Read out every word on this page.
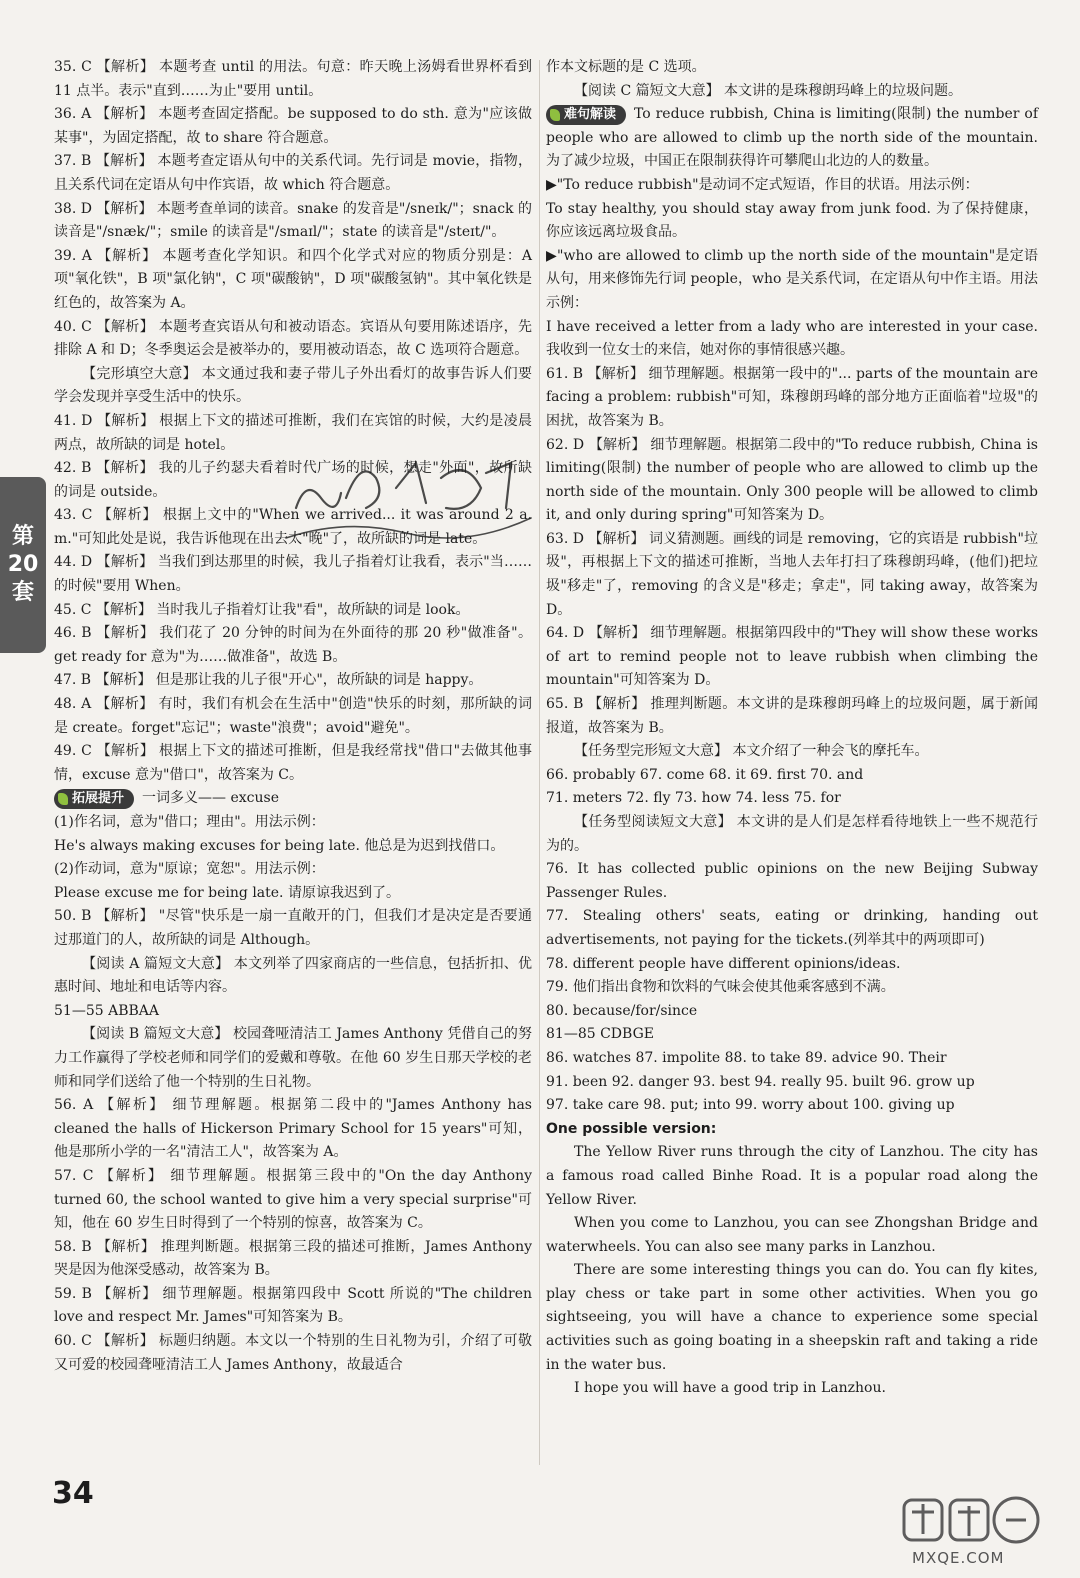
第
20
套
35. C 【解析】 本题考查 until 的用法。句意：昨天晚上汤姆看世界杯看到 11 点半。表示"直到……为止"要用 until。
36. A 【解析】 本题考查固定搭配。be supposed to do sth. 意为"应该做某事"，为固定搭配，故 to share 符合题意。
37. B 【解析】 本题考查定语从句中的关系代词。先行词是 movie，指物，且关系代词在定语从句中作宾语，故 which 符合题意。
38. D 【解析】 本题考查单词的读音。snake 的发音是"/sneɪk/"；snack 的读音是"/snæk/"；smile 的读音是"/smaɪl/"；state 的读音是"/steɪt/"。
39. A 【解析】 本题考查化学知识。和四个化学式对应的物质分别是：A 项"氧化铁"，B 项"氯化钠"，C 项"碳酸钠"，D 项"碳酸氢钠"。其中氧化铁是红色的，故答案为 A。
40. C 【解析】 本题考查宾语从句和被动语态。宾语从句要用陈述语序，先排除 A 和 D；冬季奥运会是被举办的，要用被动语态，故 C 选项符合题意。
【完形填空大意】 本文通过我和妻子带儿子外出看灯的故事告诉人们要学会发现并享受生活中的快乐。
41. D 【解析】 根据上下文的描述可推断，我们在宾馆的时候，大约是凌晨两点，故所缺的词是 hotel。
42. B 【解析】 我的儿子约瑟夫看着时代广场的时候，想走"外面"，故所缺的词是 outside。
43. C 【解析】 根据上文中的"When we arrived... it was around 2 a. m."可知此处是说，我告诉他现在出去太"晚"了，故所缺的词是 late。
44. D 【解析】 当我们到达那里的时候，我儿子指着灯让我看，表示"当……的时候"要用 When。
45. C 【解析】 当时我儿子指着灯让我"看"，故所缺的词是 look。
46. B 【解析】 我们花了 20 分钟的时间为在外面待的那 20 秒"做准备"。get ready for 意为"为……做准备"，故选 B。
47. B 【解析】 但是那让我的儿子很"开心"，故所缺的词是 happy。
48. A 【解析】 有时，我们有机会在生活中"创造"快乐的时刻，那所缺的词是 create。forget"忘记"；waste"浪费"；avoid"避免"。
49. C 【解析】 根据上下文的描述可推断，但是我经常找"借口"去做其他事情，excuse 意为"借口"，故答案为 C。
拓展提升 一词多义—— excuse
(1)作名词，意为"借口；理由"。用法示例：
He's always making excuses for being late. 他总是为迟到找借口。
(2)作动词，意为"原谅；宽恕"。用法示例：
Please excuse me for being late. 请原谅我迟到了。
50. B 【解析】 "尽管"快乐是一扇一直敞开的门，但我们才是决定是否要通过那道门的人，故所缺的词是 Although。
【阅读 A 篇短文大意】 本文列举了四家商店的一些信息，包括折扣、优惠时间、地址和电话等内容。
51—55 ABBAA
【阅读 B 篇短文大意】 校园聋哑清洁工 James Anthony 凭借自己的努力工作赢得了学校老师和同学们的爱戴和尊敬。在他 60 岁生日那天学校的老师和同学们送给了他一个特别的生日礼物。
56. A 【解析】 细节理解题。根据第二段中的"James Anthony has cleaned the halls of Hickerson Primary School for 15 years"可知，他是那所小学的一名"清洁工人"，故答案为 A。
57. C 【解析】 细节理解题。根据第三段中的"On the day Anthony turned 60, the school wanted to give him a very special surprise"可知，他在 60 岁生日时得到了一个特别的惊喜，故答案为 C。
58. B 【解析】 推理判断题。根据第三段的描述可推断，James Anthony 哭是因为他深受感动，故答案为 B。
59. B 【解析】 细节理解题。根据第四段中 Scott 所说的"The children love and respect Mr. James"可知答案为 B。
60. C 【解析】 标题归纳题。本文以一个特别的生日礼物为引，介绍了可敬又可爱的校园聋哑清洁工人 James Anthony，故最适合
作本文标题的是 C 选项。
【阅读 C 篇短文大意】 本文讲的是珠穆朗玛峰上的垃圾问题。
难句解读 To reduce rubbish, China is limiting(限制) the number of people who are allowed to climb up the north side of the mountain. 为了减少垃圾，中国正在限制获得许可攀爬山北边的人的数量。
▶"To reduce rubbish"是动词不定式短语，作目的状语。用法示例：
To stay healthy, you should stay away from junk food. 为了保持健康，你应该远离垃圾食品。
▶"who are allowed to climb up the north side of the mountain"是定语从句，用来修饰先行词 people，who 是关系代词，在定语从句中作主语。用法示例：
I have received a letter from a lady who are interested in your case. 我收到一位女士的来信，她对你的事情很感兴趣。
61. B 【解析】 细节理解题。根据第一段中的"... parts of the mountain are facing a problem: rubbish"可知，珠穆朗玛峰的部分地方正面临着"垃圾"的困扰，故答案为 B。
62. D 【解析】 细节理解题。根据第二段中的"To reduce rubbish, China is limiting(限制) the number of people who are allowed to climb up the north side of the mountain. Only 300 people will be allowed to climb it, and only during spring"可知答案为 D。
63. D 【解析】 词义猜测题。画线的词是 removing，它的宾语是 rubbish"垃圾"，再根据上下文的描述可推断，当地人去年打扫了珠穆朗玛峰，(他们)把垃圾"移走"了，removing 的含义是"移走；拿走"，同 taking away，故答案为 D。
64. D 【解析】 细节理解题。根据第四段中的"They will show these works of art to remind people not to leave rubbish when climbing the mountain"可知答案为 D。
65. B 【解析】 推理判断题。本文讲的是珠穆朗玛峰上的垃圾问题，属于新闻报道，故答案为 B。
【任务型完形短文大意】 本文介绍了一种会飞的摩托车。
66. probably 67. come 68. it 69. first 70. and
71. meters 72. fly 73. how 74. less 75. for
【任务型阅读短文大意】 本文讲的是人们是怎样看待地铁上一些不规范行为的。
76. It has collected public opinions on the new Beijing Subway Passenger Rules.
77. Stealing others' seats, eating or drinking, handing out advertisements, not paying for the tickets.(列举其中的两项即可)
78. different people have different opinions/ideas.
79. 他们指出食物和饮料的气味会使其他乘客感到不满。
80. because/for/since
81—85 CDBGE
86. watches 87. impolite 88. to take 89. advice 90. Their
91. been 92. danger 93. best 94. really 95. built 96. grow up
97. take care 98. put; into 99. worry about 100. giving up
One possible version:
The Yellow River runs through the city of Lanzhou. The city has a famous road called Binhe Road. It is a popular road along the Yellow River.
When you come to Lanzhou, you can see Zhongshan Bridge and waterwheels. You can also see many parks in Lanzhou.
There are some interesting things you can do. You can fly kites, play chess or take part in some other activities. When you go sightseeing, you will have a chance to experience some special activities such as going boating in a sheepskin raft and taking a ride in the water bus.
I hope you will have a good trip in Lanzhou.
34
MXQE.COM
